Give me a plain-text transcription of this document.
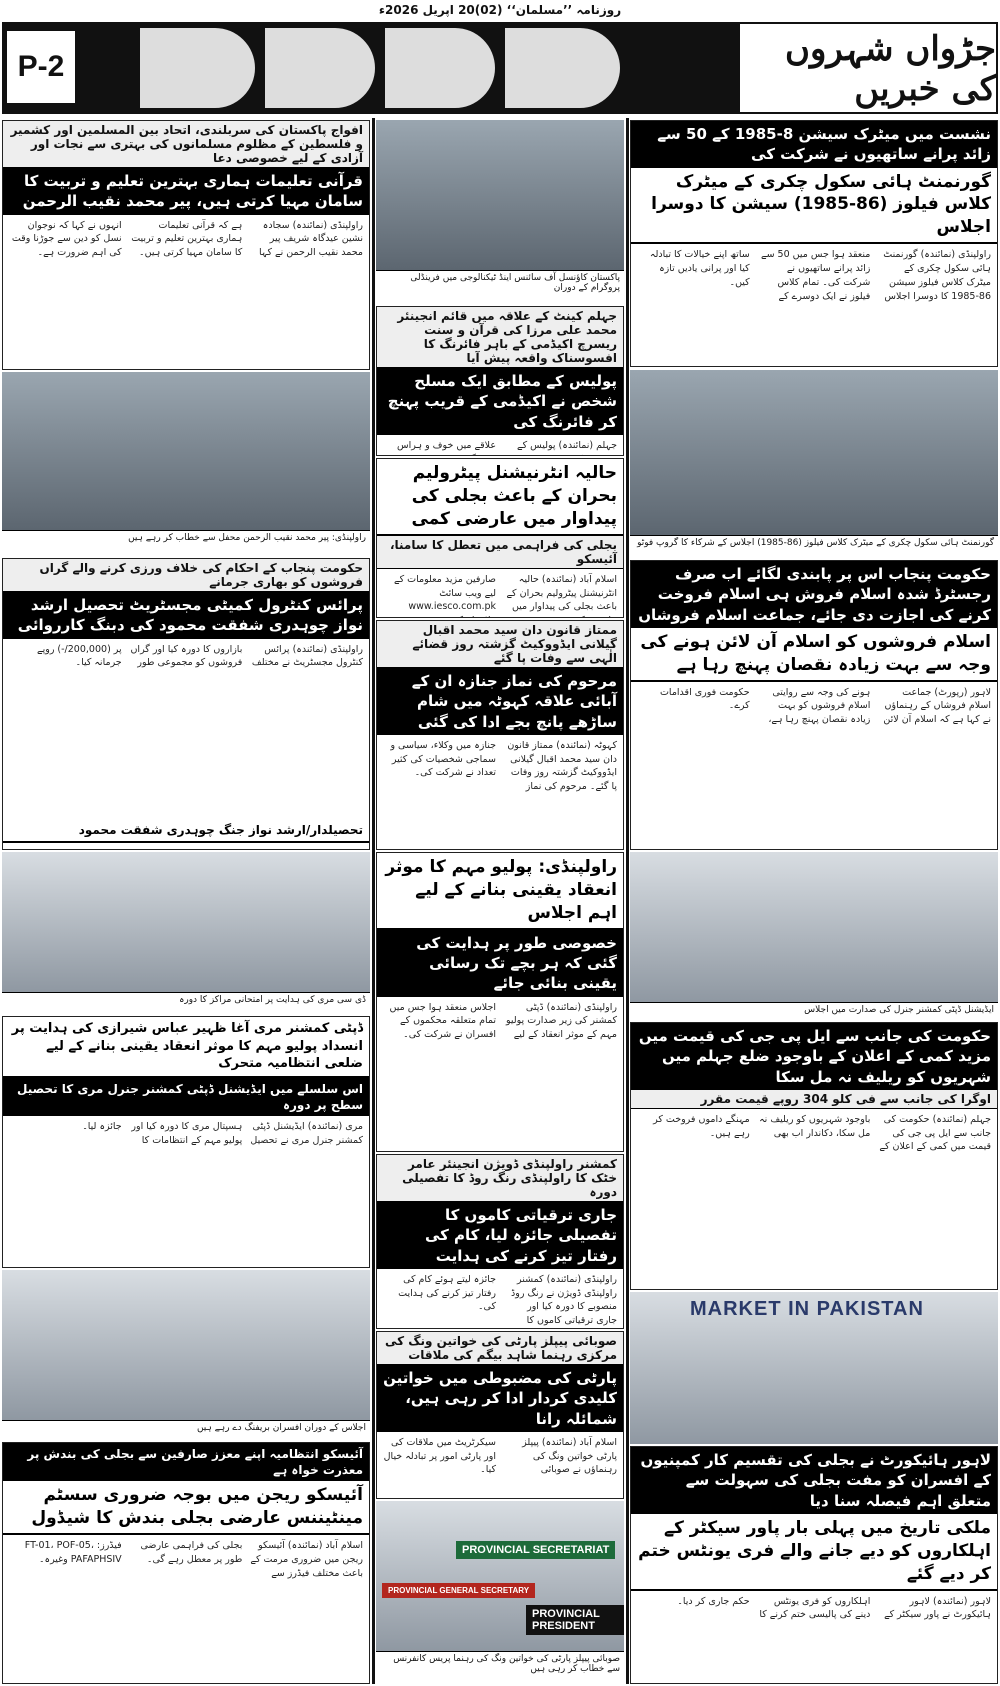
روزنامہ ’’مسلمان‘‘ (02)20 اپریل 2026ء
P-2	جڑواں شہروں کی خبریں
نشست میں میٹرک سیشن 8-1985 کے 50 سے زائد پرانے ساتھیوں نے شرکت کی
گورنمنٹ ہائی سکول چکری کے میٹرک کلاس فیلوز (86-1985) سیشن کا دوسرا اجلاس
راولپنڈی (نمائندہ) گورنمنٹ ہائی سکول چکری کے میٹرک کلاس فیلوز سیشن 86-1985 کا دوسرا اجلاس منعقد ہوا جس میں 50 سے زائد پرانے ساتھیوں نے شرکت کی۔ تمام کلاس فیلوز نے ایک دوسرے کے ساتھ اپنے خیالات کا تبادلہ کیا اور پرانی یادیں تازہ کیں۔
گورنمنٹ ہائی سکول چکری کے میٹرک کلاس فیلوز (86-1985) اجلاس کے شرکاء کا گروپ فوٹو
حکومت پنجاب اس پر پابندی لگائے اب صرف رجسٹرڈ شدہ اسلام فروش ہی اسلام فروخت کرنے کی اجازت دی جائے، جماعت اسلام فروشاں
اسلام فروشوں کو اسلام آن لائن ہونے کی وجہ سے بہت زیادہ نقصان پہنچ رہا ہے
لاہور (رپورٹ) جماعت اسلام فروشاں کے رہنماؤں نے کہا ہے کہ اسلام آن لائن ہونے کی وجہ سے روایتی اسلام فروشوں کو بہت زیادہ نقصان پہنچ رہا ہے، حکومت فوری اقدامات کرے۔
ایڈیشنل ڈپٹی کمشنر جنرل کی صدارت میں اجلاس
حکومت کی جانب سے ایل پی جی کی قیمت میں مزید کمی کے اعلان کے باوجود ضلع جہلم میں شہریوں کو ریلیف نہ مل سکا
اوگرا کی جانب سے فی کلو 304 روپے قیمت مقرر
جہلم (نمائندہ) حکومت کی جانب سے ایل پی جی کی قیمت میں کمی کے اعلان کے باوجود شہریوں کو ریلیف نہ مل سکا، دکاندار اب بھی مہنگے داموں فروخت کر رہے ہیں۔
MARKET IN PAKISTAN
لاہور ہائیکورٹ نے بجلی کی تقسیم کار کمپنیوں کے افسران کو مفت بجلی کی سہولت سے متعلق اہم فیصلہ سنا دیا
ملکی تاریخ میں پہلی بار پاور سیکٹر کے اہلکاروں کو دیے جانے والے فری یونٹس ختم کر دیے گئے
لاہور (نمائندہ) لاہور ہائیکورٹ نے پاور سیکٹر کے اہلکاروں کو فری یونٹس دینے کی پالیسی ختم کرنے کا حکم جاری کر دیا۔
پاکستان کاؤنسل آف سائنس اینڈ ٹیکنالوجی میں فرینڈلی پروگرام کے دوران
جہلم کینٹ کے علاقہ میں قائم انجینئر محمد علی مرزا کی قرآن و سنت ریسرچ اکیڈمی کے باہر فائرنگ کا افسوسناک واقعہ پیش آیا
پولیس کے مطابق ایک مسلح شخص نے اکیڈمی کے قریب پہنچ کر فائرنگ کی
جہلم (نمائندہ) پولیس کے علاقے میں خوف و ہراس
حالیہ انٹرنیشنل پیٹرولیم بحران کے باعث بجلی کی پیداوار میں عارضی کمی
بجلی کی فراہمی میں تعطل کا سامنا، آئیسکو
اسلام آباد (نمائندہ) حالیہ انٹرنیشنل پیٹرولیم بحران کے باعث بجلی کی پیداوار میں صارفین مزید معلومات کے لیے ویب سائٹ www.iesco.com.pk
ممتاز قانون دان سید محمد اقبال گیلانی ایڈووکیٹ گزشتہ روز قضائے الٰہی سے وفات پا گئے
مرحوم کی نماز جنازہ ان کے آبائی علاقہ کہوٹہ میں شام ساڑھے پانچ بجے ادا کی گئی
کہوٹہ (نمائندہ) ممتاز قانون دان سید محمد اقبال گیلانی ایڈووکیٹ گزشتہ روز وفات پا گئے۔ مرحوم کی نماز جنازہ میں وکلاء، سیاسی و سماجی شخصیات کی کثیر تعداد نے شرکت کی۔
راولپنڈی: پولیو مہم کا موثر انعقاد یقینی بنانے کے لیے اہم اجلاس
خصوصی طور پر ہدایت کی گئی کہ ہر بچے تک رسائی یقینی بنائی جائے
راولپنڈی (نمائندہ) ڈپٹی کمشنر کی زیر صدارت پولیو مہم کے موثر انعقاد کے لیے اجلاس منعقد ہوا جس میں تمام متعلقہ محکموں کے افسران نے شرکت کی۔
کمشنر راولپنڈی ڈویژن انجینئر عامر خٹک کا راولپنڈی رنگ روڈ کا تفصیلی دورہ
جاری ترقیاتی کاموں کا تفصیلی جائزہ لیا، کام کی رفتار تیز کرنے کی ہدایت
راولپنڈی (نمائندہ) کمشنر راولپنڈی ڈویژن نے رنگ روڈ منصوبے کا دورہ کیا اور جاری ترقیاتی کاموں کا جائزہ لیتے ہوئے کام کی رفتار تیز کرنے کی ہدایت کی۔
صوبائی پیپلز پارٹی کی خواتین ونگ کی مرکزی رہنما شاہد بیگم کی ملاقات
پارٹی کی مضبوطی میں خواتین کلیدی کردار ادا کر رہی ہیں، شمائلہ رانا
اسلام آباد (نمائندہ) پیپلز پارٹی خواتین ونگ کی رہنماؤں نے صوبائی سیکرٹریٹ میں ملاقات کی اور پارٹی امور پر تبادلہ خیال کیا۔
PROVINCIAL SECRETARIAT
PROVINCIAL PRESIDENT
PROVINCIAL GENERAL SECRETARY
صوبائی پیپلز پارٹی کی خواتین ونگ کی رہنما پریس کانفرنس سے خطاب کر رہی ہیں
افواج پاکستان کی سربلندی، اتحاد بین المسلمین اور کشمیر و فلسطین کے مظلوم مسلمانوں کی بہتری سے نجات اور آزادی کے لیے خصوصی دعا
قرآنی تعلیمات ہماری بہترین تعلیم و تربیت کا سامان مہیا کرتی ہیں، پیر محمد نقیب الرحمن
راولپنڈی (نمائندہ) سجادہ نشین عیدگاہ شریف پیر محمد نقیب الرحمن نے کہا ہے کہ قرآنی تعلیمات ہماری بہترین تعلیم و تربیت کا سامان مہیا کرتی ہیں۔ انہوں نے کہا کہ نوجوان نسل کو دین سے جوڑنا وقت کی اہم ضرورت ہے۔
راولپنڈی: پیر محمد نقیب الرحمن محفل سے خطاب کر رہے ہیں
حکومت پنجاب کے احکام کی خلاف ورزی کرنے والے گراں فروشوں کو بھاری جرمانے
پرائس کنٹرول کمیٹی مجسٹریٹ تحصیل ارشد نواز چوہدری شفقت محمود کی دبنگ کارروائی
راولپنڈی (نمائندہ) پرائس کنٹرول مجسٹریٹ نے مختلف بازاروں کا دورہ کیا اور گراں فروشوں کو مجموعی طور پر (200,000/-) روپے جرمانہ کیا۔
تحصیلدار/ارشد نواز جنگ چوہدری شفقت محمود
ڈی سی مری کی ہدایت پر امتحانی مراکز کا دورہ
ڈپٹی کمشنر مری آغا ظہیر عباس شیرازی کی ہدایت پر انسداد پولیو مہم کا موثر انعقاد یقینی بنانے کے لیے ضلعی انتظامیہ متحرک
اس سلسلے میں ایڈیشنل ڈپٹی کمشنر جنرل مری کا تحصیل سطح پر دورہ
مری (نمائندہ) ایڈیشنل ڈپٹی کمشنر جنرل مری نے تحصیل ہسپتال مری کا دورہ کیا اور پولیو مہم کے انتظامات کا جائزہ لیا۔
اجلاس کے دوران افسران بریفنگ دے رہے ہیں
آئیسکو انتظامیہ اپنے معزز صارفین سے بجلی کی بندش پر معذرت خواہ ہے
آئیسکو ریجن میں بوجہ ضروری سسٹم مینٹیننس عارضی بجلی بندش کا شیڈول
اسلام آباد (نمائندہ) آئیسکو ریجن میں ضروری مرمت کے باعث مختلف فیڈرز سے بجلی کی فراہمی عارضی طور پر معطل رہے گی۔ فیڈرز: FT-01، POF-05، PAFAPHSIV وغیرہ۔
